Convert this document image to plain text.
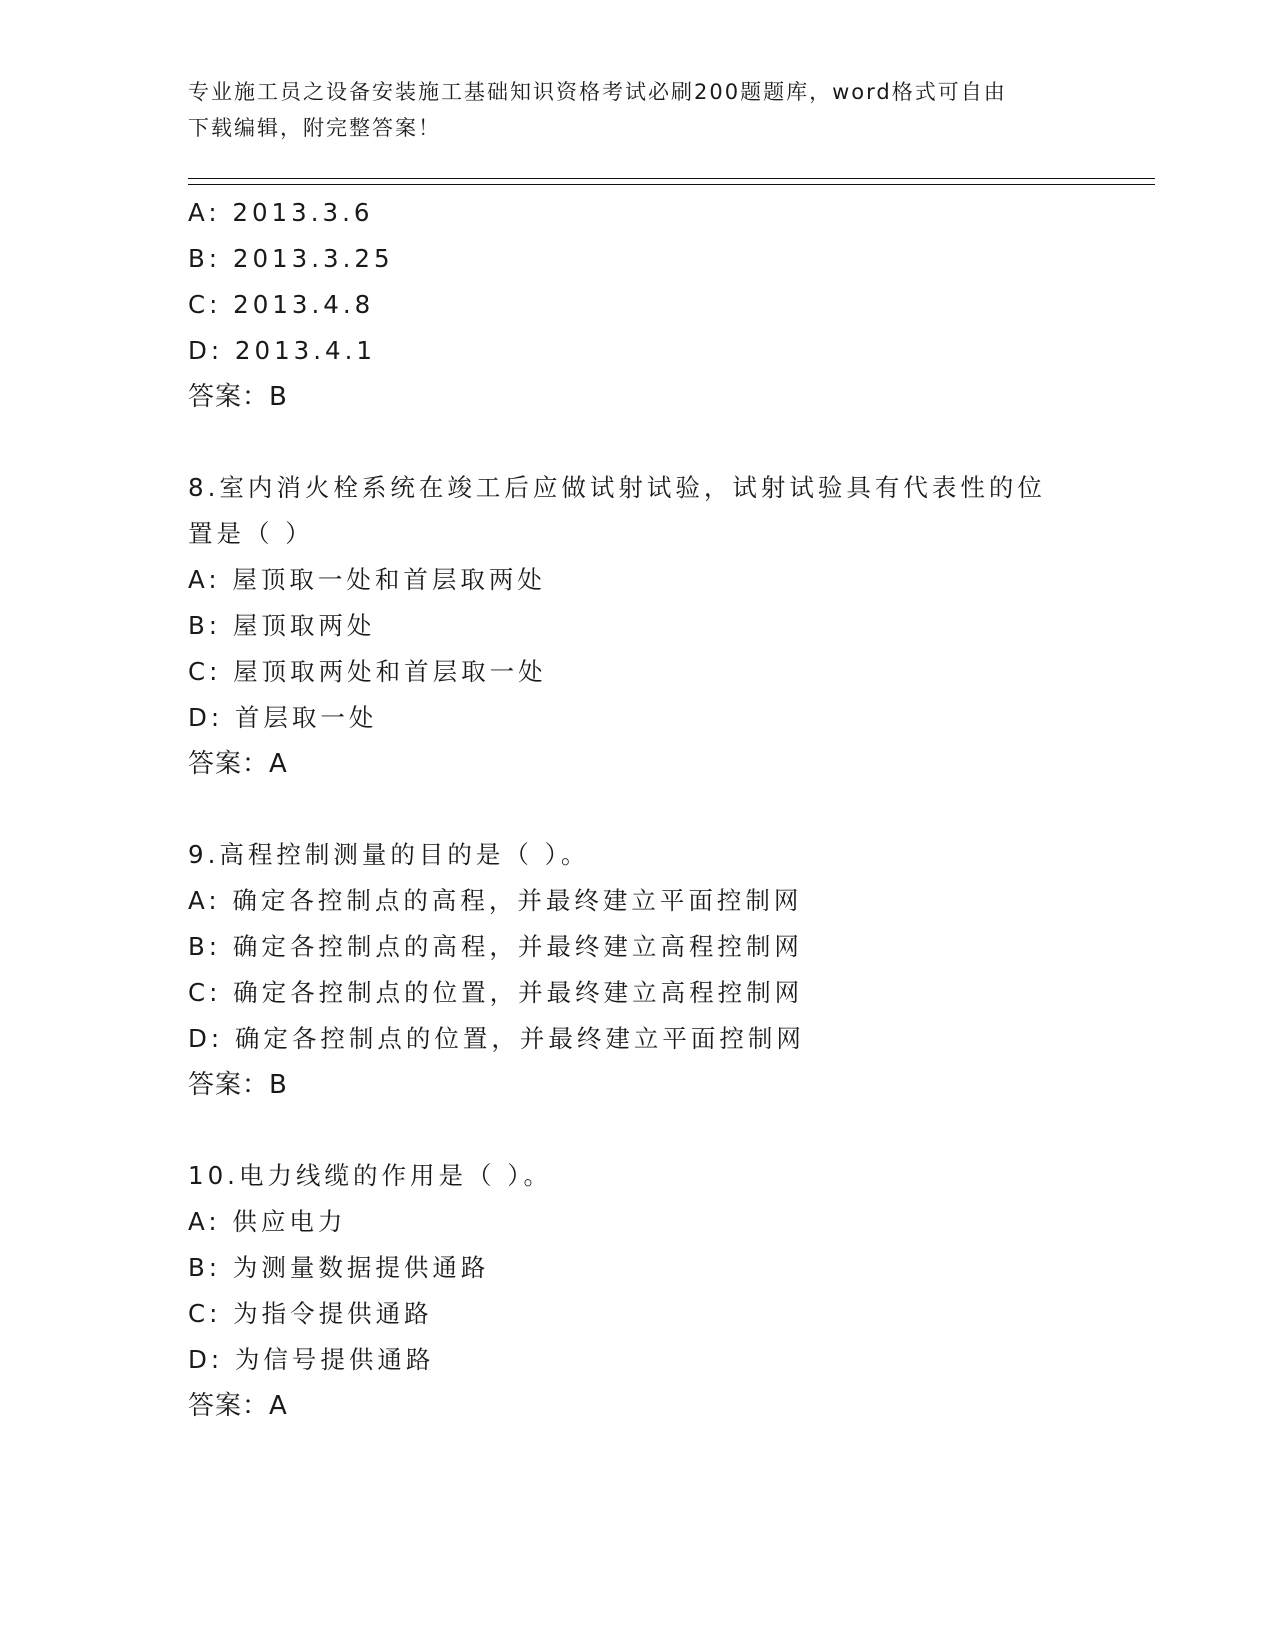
专业施工员之设备安装施工基础知识资格考试必刷200题题库，word格式可自由
下载编辑，附完整答案！
A: 2013.3.6
B: 2013.3.25
C: 2013.4.8
D: 2013.4.1
答案：B
8.室内消火栓系统在竣工后应做试射试验，试射试验具有代表性的位
置是（ ）
A: 屋顶取一处和首层取两处
B: 屋顶取两处
C: 屋顶取两处和首层取一处
D: 首层取一处
答案：A
9.高程控制测量的目的是（ ）。
A: 确定各控制点的高程，并最终建立平面控制网
B: 确定各控制点的高程，并最终建立高程控制网
C: 确定各控制点的位置，并最终建立高程控制网
D: 确定各控制点的位置，并最终建立平面控制网
答案：B
10.电力线缆的作用是（ ）。
A: 供应电力
B: 为测量数据提供通路
C: 为指令提供通路
D: 为信号提供通路
答案：A
